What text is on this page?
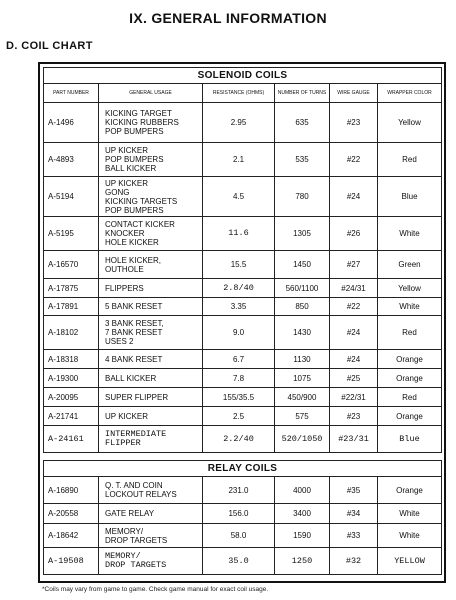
IX. GENERAL INFORMATION
D. COIL CHART
SOLENOID COILS					
PART NUMBER	GENERAL USAGE	RESISTANCE (OHMS)	NUMBER OF TURNS	WIRE GAUGE	WRAPPER COLOR
A-1496	KICKING TARGET
KICKING RUBBERS
POP BUMPERS	2.95	635	#23	Yellow
A-4893	UP KICKER
POP BUMPERS
BALL KICKER	2.1	535	#22	Red
A-5194	UP KICKER
GONG
KICKING TARGETS
POP BUMPERS	4.5	780	#24	Blue
A-5195	CONTACT KICKER
KNOCKER
HOLE KICKER	11.6	1305	#26	White
A-16570	HOLE KICKER,
OUTHOLE	15.5	1450	#27	Green
A-17875	FLIPPERS	2.8/40	560/1100	#24/31	Yellow
A-17891	5 BANK RESET	3.35	850	#22	White
A-18102	3 BANK RESET,
7 BANK RESET
USES 2	9.0	1430	#24	Red
A-18318	4 BANK RESET	6.7	1130	#24	Orange
A-19300	BALL KICKER	7.8	1075	#25	Orange
A-20095	SUPER FLIPPER	155/35.5	450/900	#22/31	Red
A-21741	UP KICKER	2.5	575	#23	Orange
A-24161	INTERMEDIATE
FLIPPER	2.2/40	520/1050	#23/31	Blue

RELAY COILS					
A-16890	Q. T. AND COIN
LOCKOUT RELAYS	231.0	4000	#35	Orange
A-20558	GATE RELAY	156.0	3400	#34	White
A-18642	MEMORY/
DROP TARGETS	58.0	1590	#33	White
A-19508	MEMORY/
DROP TARGETS	35.0	1250	#32	YELLOW
*Coils may vary from game to game. Check game manual for exact coil usage.
